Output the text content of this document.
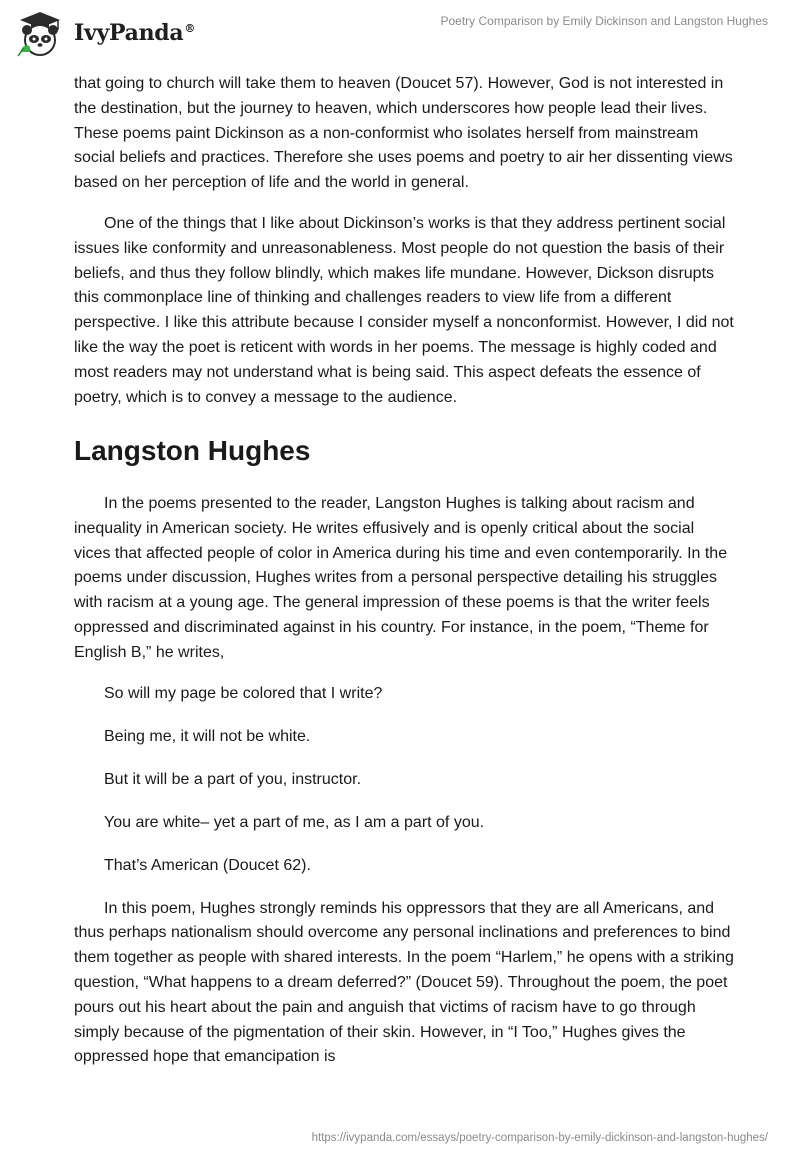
IvyPanda®
Poetry Comparison by Emily Dickinson and Langston Hughes

that going to church will take them to heaven (Doucet 57). However, God is not interested in the destination, but the journey to heaven, which underscores how people lead their lives. These poems paint Dickinson as a non-conformist who isolates herself from mainstream social beliefs and practices. Therefore she uses poems and poetry to air her dissenting views based on her perception of life and the world in general.

One of the things that I like about Dickinson’s works is that they address pertinent social issues like conformity and unreasonableness. Most people do not question the basis of their beliefs, and thus they follow blindly, which makes life mundane. However, Dickson disrupts this commonplace line of thinking and challenges readers to view life from a different perspective. I like this attribute because I consider myself a nonconformist. However, I did not like the way the poet is reticent with words in her poems. The message is highly coded and most readers may not understand what is being said. This aspect defeats the essence of poetry, which is to convey a message to the audience.

Langston Hughes

In the poems presented to the reader, Langston Hughes is talking about racism and inequality in American society. He writes effusively and is openly critical about the social vices that affected people of color in America during his time and even contemporarily. In the poems under discussion, Hughes writes from a personal perspective detailing his struggles with racism at a young age. The general impression of these poems is that the writer feels oppressed and discriminated against in his country. For instance, in the poem, “Theme for English B,” he writes,

So will my page be colored that I write?
Being me, it will not be white.
But it will be a part of you, instructor.
You are white– yet a part of me, as I am a part of you.
That’s American (Doucet 62).

In this poem, Hughes strongly reminds his oppressors that they are all Americans, and thus perhaps nationalism should overcome any personal inclinations and preferences to bind them together as people with shared interests. In the poem “Harlem,” he opens with a striking question, “What happens to a dream deferred?” (Doucet 59). Throughout the poem, the poet pours out his heart about the pain and anguish that victims of racism have to go through simply because of the pigmentation of their skin. However, in “I Too,” Hughes gives the oppressed hope that emancipation is

https://ivypanda.com/essays/poetry-comparison-by-emily-dickinson-and-langston-hughes/
